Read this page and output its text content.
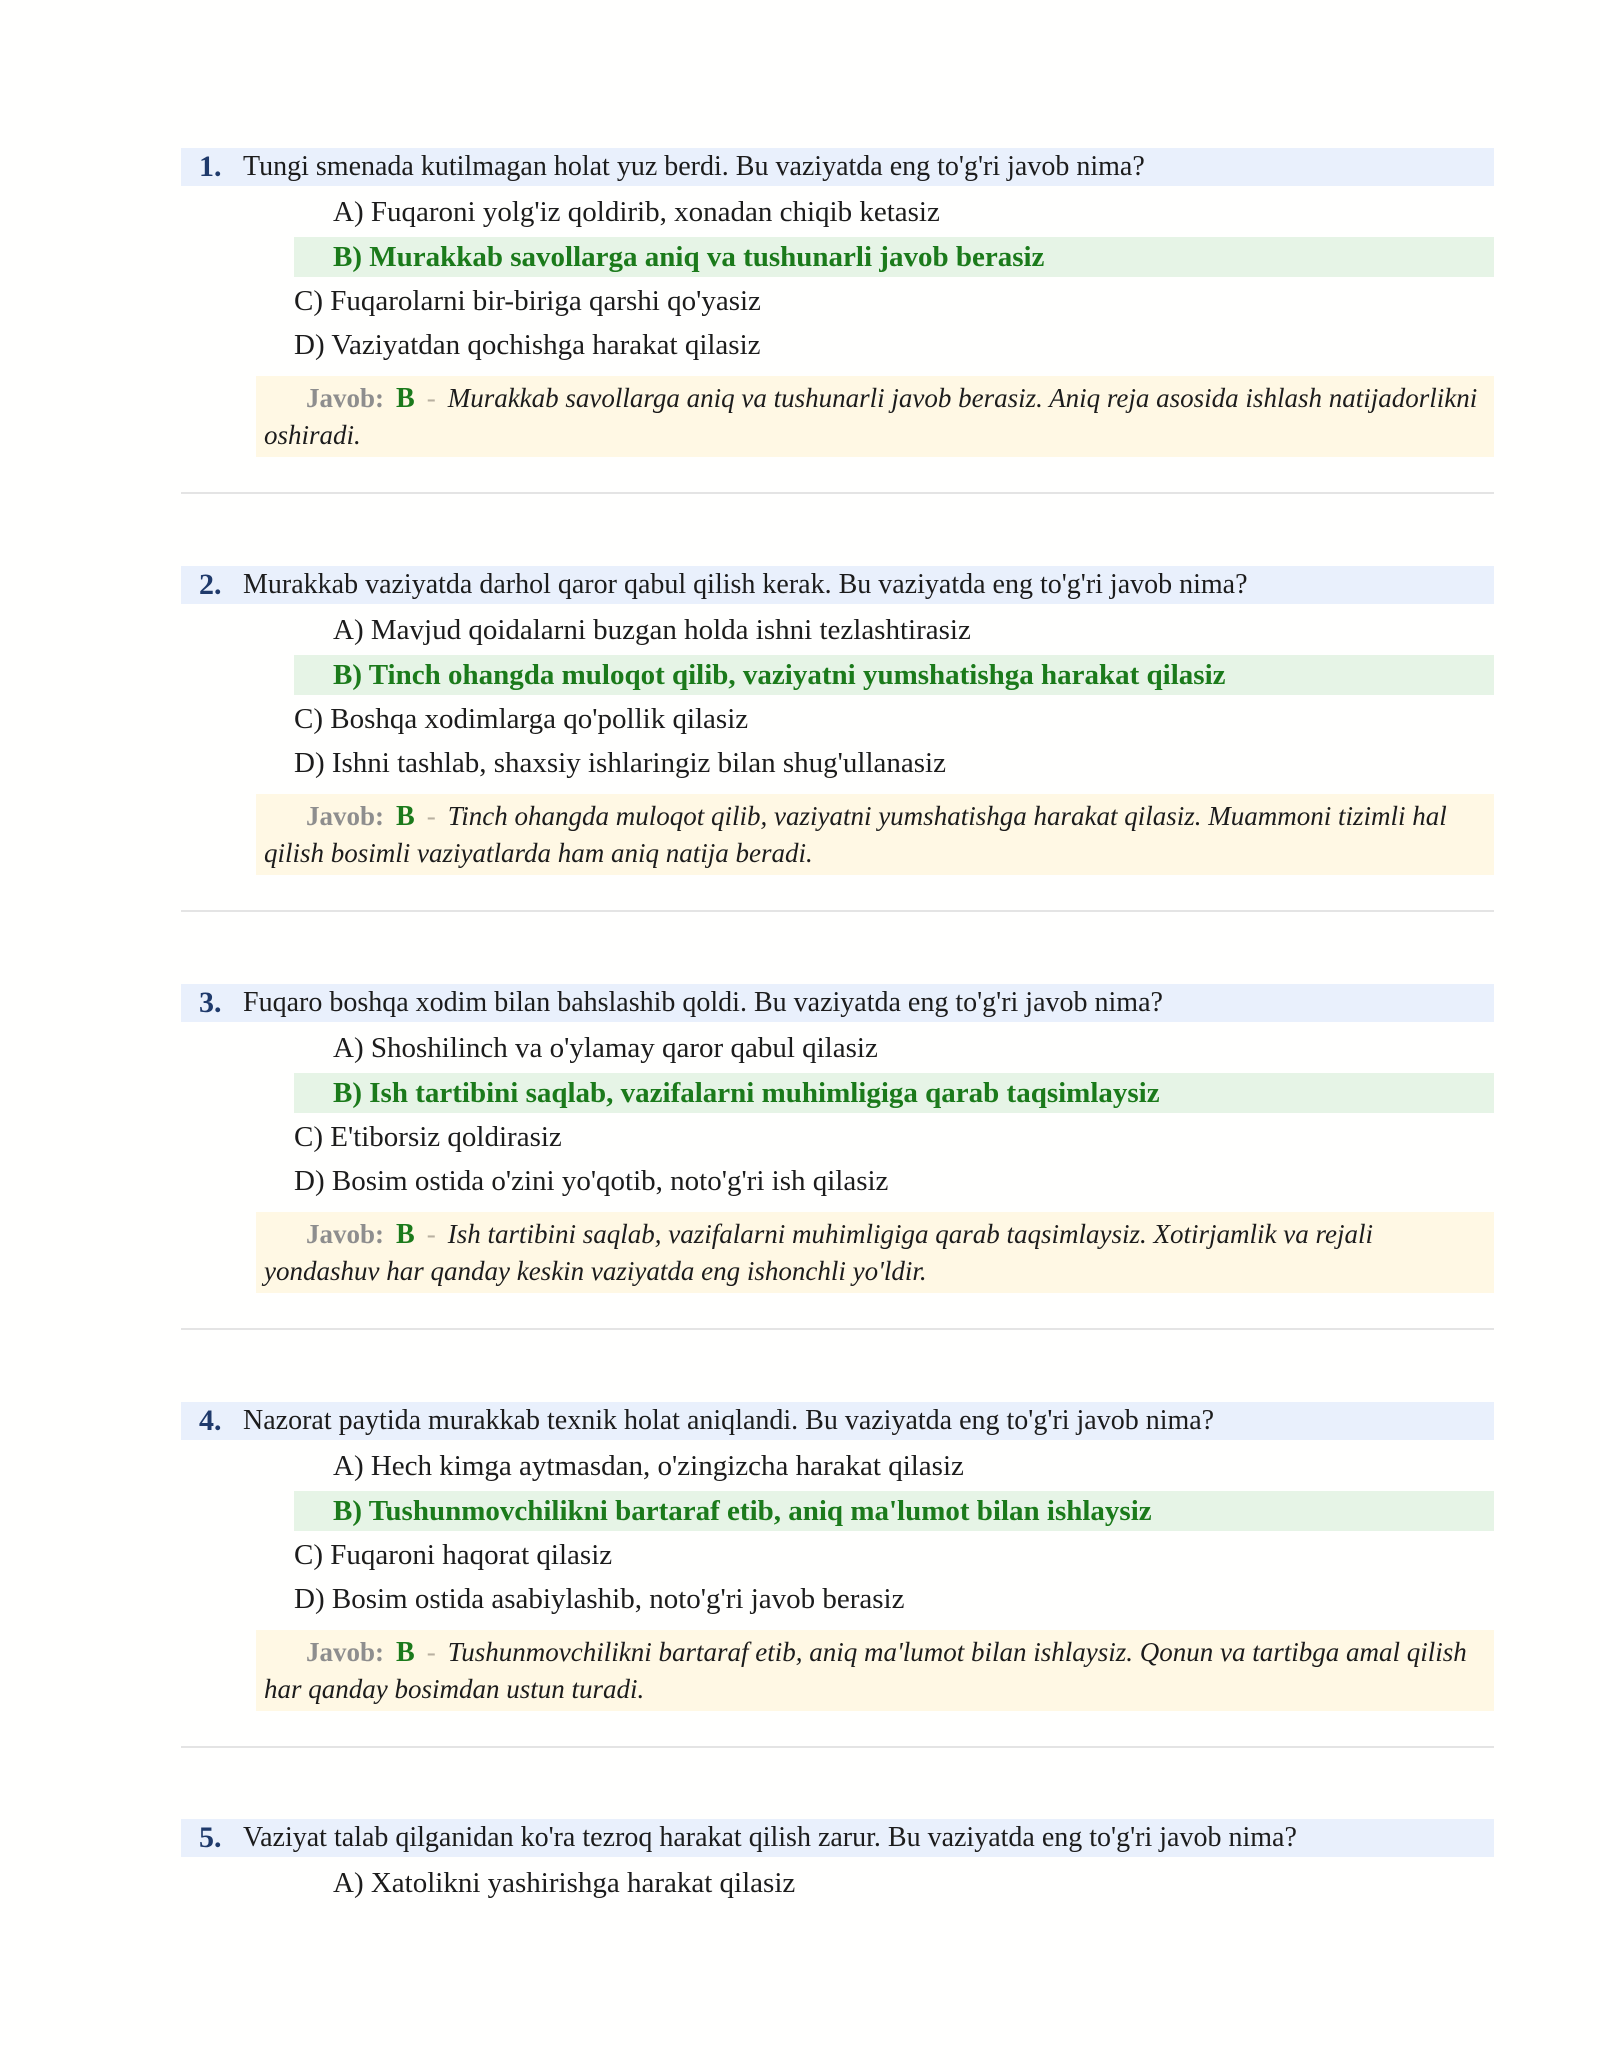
1. Tungi smenada kutilmagan holat yuz berdi. Bu vaziyatda eng to'g'ri javob nima?
A) Fuqaroni yolg'iz qoldirib, xonadan chiqib ketasiz
B) Murakkab savollarga aniq va tushunarli javob berasiz
C) Fuqarolarni bir-biriga qarshi qo'yasiz
D) Vaziyatdan qochishga harakat qilasiz
Javob: B - Murakkab savollarga aniq va tushunarli javob berasiz. Aniq reja asosida ishlash natijadorlikni oshiradi.
2. Murakkab vaziyatda darhol qaror qabul qilish kerak. Bu vaziyatda eng to'g'ri javob nima?
A) Mavjud qoidalarni buzgan holda ishni tezlashtirasiz
B) Tinch ohangda muloqot qilib, vaziyatni yumshatishga harakat qilasiz
C) Boshqa xodimlarga qo'pollik qilasiz
D) Ishni tashlab, shaxsiy ishlaringiz bilan shug'ullanasiz
Javob: B - Tinch ohangda muloqot qilib, vaziyatni yumshatishga harakat qilasiz. Muammoni tizimli hal qilish bosimli vaziyatlarda ham aniq natija beradi.
3. Fuqaro boshqa xodim bilan bahslashib qoldi. Bu vaziyatda eng to'g'ri javob nima?
A) Shoshilinch va o'ylamay qaror qabul qilasiz
B) Ish tartibini saqlab, vazifalarni muhimligiga qarab taqsimlaysiz
C) E'tiborsiz qoldirasiz
D) Bosim ostida o'zini yo'qotib, noto'g'ri ish qilasiz
Javob: B - Ish tartibini saqlab, vazifalarni muhimligiga qarab taqsimlaysiz. Xotirjamlik va rejali yondashuv har qanday keskin vaziyatda eng ishonchli yo'ldir.
4. Nazorat paytida murakkab texnik holat aniqlandi. Bu vaziyatda eng to'g'ri javob nima?
A) Hech kimga aytmasdan, o'zingizcha harakat qilasiz
B) Tushunmovchilikni bartaraf etib, aniq ma'lumot bilan ishlaysiz
C) Fuqaroni haqorat qilasiz
D) Bosim ostida asabiylashib, noto'g'ri javob berasiz
Javob: B - Tushunmovchilikni bartaraf etib, aniq ma'lumot bilan ishlaysiz. Qonun va tartibga amal qilish har qanday bosimdan ustun turadi.
5. Vaziyat talab qilganidan ko'ra tezroq harakat qilish zarur. Bu vaziyatda eng to'g'ri javob nima?
A) Xatolikni yashirishga harakat qilasiz
